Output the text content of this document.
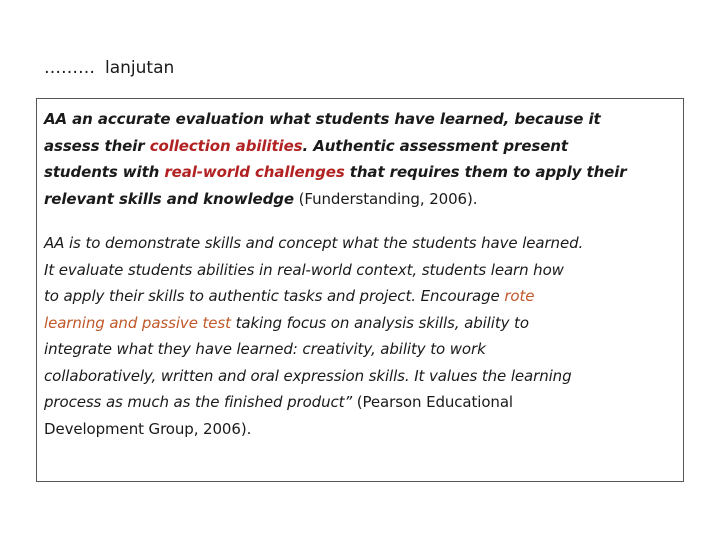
……… lanjutan

AA an accurate evaluation what students have learned, because it
assess their collection abilities. Authentic assessment present
students with real-world challenges that requires them to apply their
relevant skills and knowledge (Funderstanding, 2006).

AA is to demonstrate skills and concept what the students have learned.
It evaluate students abilities in real-world context, students learn how
to apply their skills to authentic tasks and project. Encourage rote
learning and passive test taking focus on analysis skills, ability to
integrate what they have learned: creativity, ability to work
collaboratively, written and oral expression skills. It values the learning
process as much as the finished product” (Pearson Educational
Development Group, 2006).
